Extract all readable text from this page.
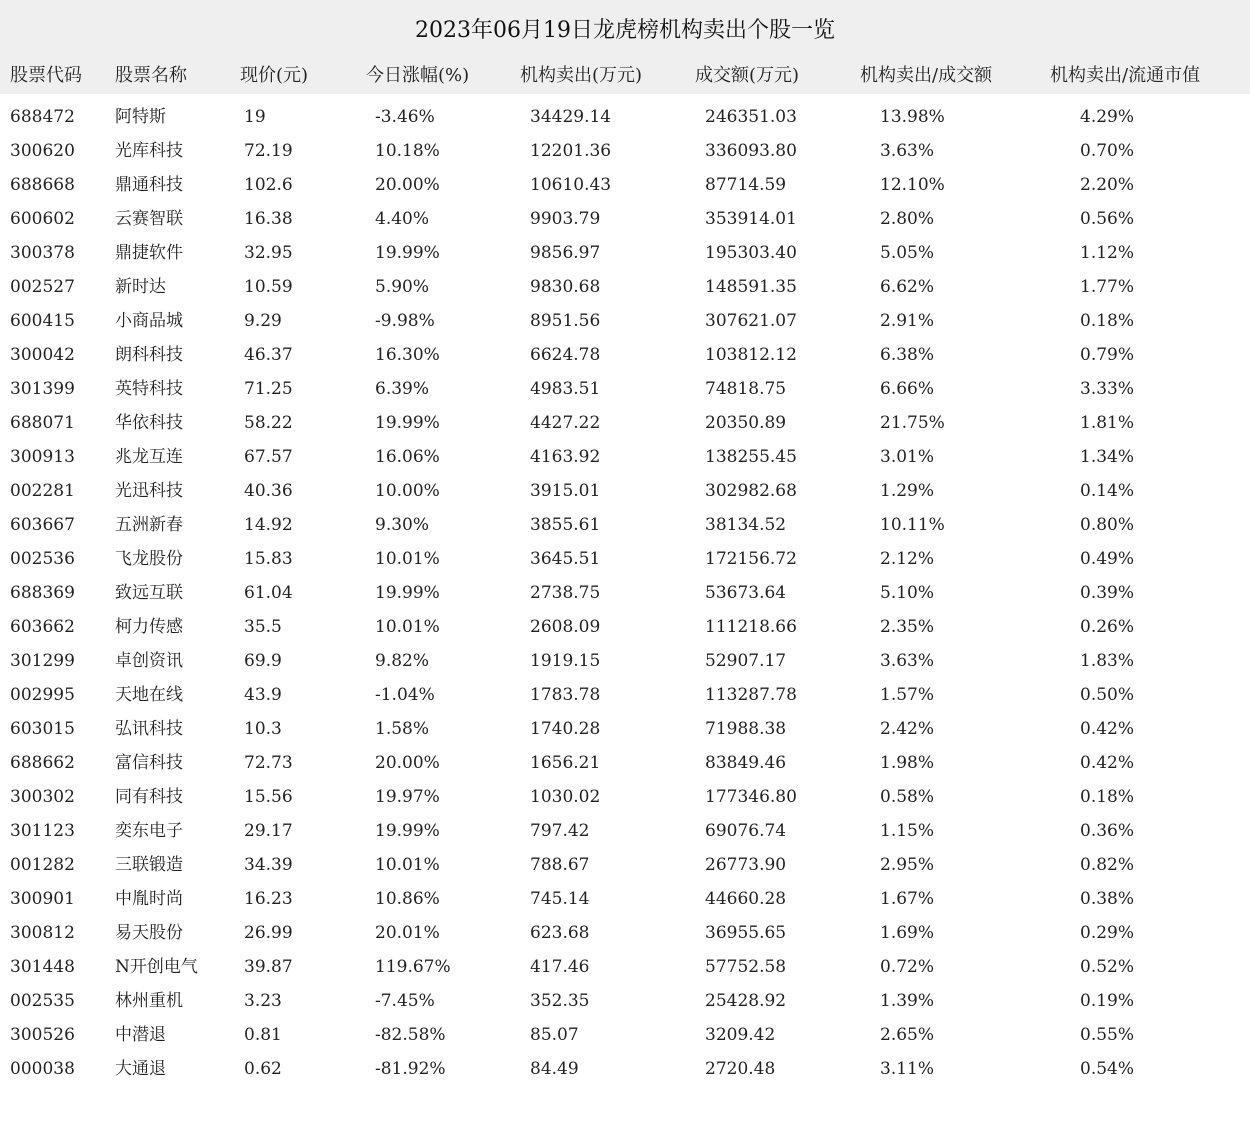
2023年06月19日龙虎榜机构卖出个股一览
股票代码 股票名称	现价(元)	今日涨幅(%)	机构卖出(万元)	成交额(万元)	机构卖出/成交额	机构卖出/流通市值
688472 阿特斯	19	-3.46%	34429.14	246351.03	13.98%	4.29%
300620 光库科技	72.19	10.18%	12201.36	336093.80	3.63%	0.70%
688668 鼎通科技	102.6	20.00%	10610.43	87714.59	12.10%	2.20%
600602 云赛智联	16.38	4.40%	9903.79	353914.01	2.80%	0.56%
300378 鼎捷软件	32.95	19.99%	9856.97	195303.40	5.05%	1.12%
002527 新时达	10.59	5.90%	9830.68	148591.35	6.62%	1.77%
600415 小商品城	9.29	-9.98%	8951.56	307621.07	2.91%	0.18%
300042 朗科科技	46.37	16.30%	6624.78	103812.12	6.38%	0.79%
301399 英特科技	71.25	6.39%	4983.51	74818.75	6.66%	3.33%
688071 华依科技	58.22	19.99%	4427.22	20350.89	21.75%	1.81%
300913 兆龙互连	67.57	16.06%	4163.92	138255.45	3.01%	1.34%
002281 光迅科技	40.36	10.00%	3915.01	302982.68	1.29%	0.14%
603667 五洲新春	14.92	9.30%	3855.61	38134.52	10.11%	0.80%
002536 飞龙股份	15.83	10.01%	3645.51	172156.72	2.12%	0.49%
688369 致远互联	61.04	19.99%	2738.75	53673.64	5.10%	0.39%
603662 柯力传感	35.5	10.01%	2608.09	111218.66	2.35%	0.26%
301299 卓创资讯	69.9	9.82%	1919.15	52907.17	3.63%	1.83%
002995 天地在线	43.9	-1.04%	1783.78	113287.78	1.57%	0.50%
603015 弘讯科技	10.3	1.58%	1740.28	71988.38	2.42%	0.42%
688662 富信科技	72.73	20.00%	1656.21	83849.46	1.98%	0.42%
300302 同有科技	15.56	19.97%	1030.02	177346.80	0.58%	0.18%
301123 奕东电子	29.17	19.99%	797.42	69076.74	1.15%	0.36%
001282 三联锻造	34.39	10.01%	788.67	26773.90	2.95%	0.82%
300901 中胤时尚	16.23	10.86%	745.14	44660.28	1.67%	0.38%
300812 易天股份	26.99	20.01%	623.68	36955.65	1.69%	0.29%
301448 N开创电气	39.87	119.67%	417.46	57752.58	0.72%	0.52%
002535 林州重机	3.23	-7.45%	352.35	25428.92	1.39%	0.19%
300526 中潜退	0.81	-82.58%	85.07	3209.42	2.65%	0.55%
000038 大通退	0.62	-81.92%	84.49	2720.48	3.11%	0.54%
